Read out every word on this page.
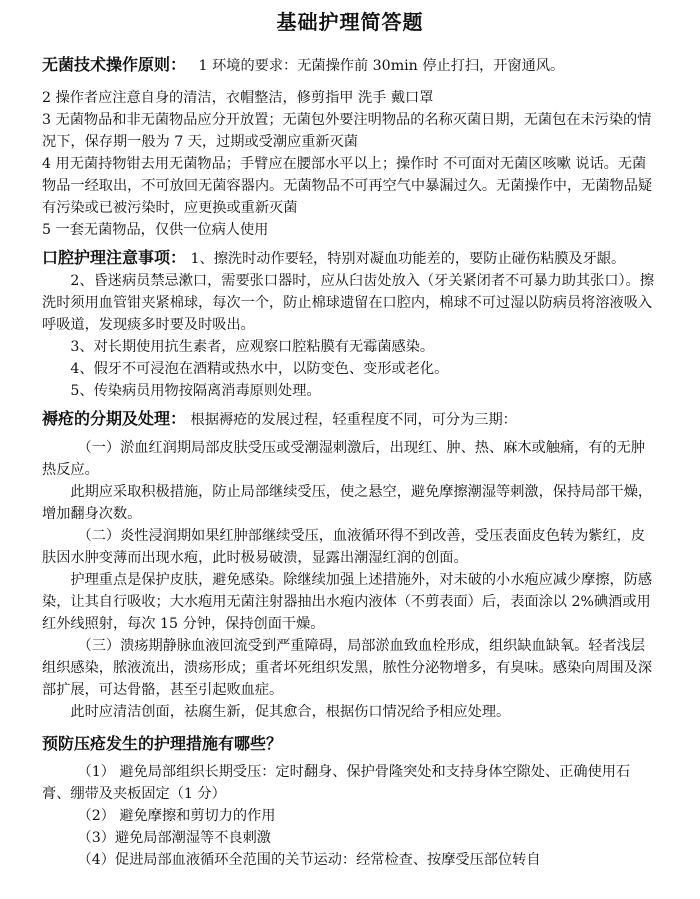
基础护理简答题

无菌技术操作原则： 1 环境的要求：无菌操作前 30min 停止打扫，开窗通风。

2 操作者应注意自身的清洁，衣帽整洁，修剪指甲 洗手 戴口罩

3 无菌物品和非无菌物品应分开放置；无菌包外要注明物品的名称灭菌日期，无菌包在未污染的情况下，保存期一般为 7 天，过期或受潮应重新灭菌

4 用无菌持物钳去用无菌物品；手臂应在腰部水平以上；操作时 不可面对无菌区咳嗽 说话。无菌物品一经取出，不可放回无菌容器内。无菌物品不可再空气中暴漏过久。无菌操作中，无菌物品疑有污染或已被污染时，应更换或重新灭菌

5 一套无菌物品，仅供一位病人使用

口腔护理注意事项： 1、擦洗时动作要轻，特别对凝血功能差的，要防止碰伤粘膜及牙龈。

2、昏迷病员禁忌漱口，需要张口器时，应从臼齿处放入（牙关紧闭者不可暴力助其张口）。擦洗时须用血管钳夹紧棉球，每次一个，防止棉球遗留在口腔内，棉球不可过湿以防病员将溶液吸入呼吸道，发现痰多时要及时吸出。

3、对长期使用抗生素者，应观察口腔粘膜有无霉菌感染。

4、假牙不可浸泡在酒精或热水中，以防变色、变形或老化。

5、传染病员用物按隔离消毒原则处理。

褥疮的分期及处理： 根据褥疮的发展过程，轻重程度不同，可分为三期：

（一）淤血红润期局部皮肤受压或受潮湿刺激后，出现红、肿、热、麻木或触痛，有的无肿热反应。

此期应采取积极措施，防止局部继续受压，使之悬空，避免摩擦潮湿等刺激，保持局部干燥，增加翻身次数。

（二）炎性浸润期如果红肿部继续受压，血液循环得不到改善，受压表面皮色转为紫红，皮肤因水肿变薄而出现水疱，此时极易破溃，显露出潮湿红润的创面。

护理重点是保护皮肤，避免感染。除继续加强上述措施外，对未破的小水疱应减少摩擦，防感染，让其自行吸收；大水疱用无菌注射器抽出水疱内液体（不剪表面）后，表面涂以 2%碘酒或用红外线照射，每次 15 分钟，保持创面干燥。

（三）溃疡期静脉血液回流受到严重障碍，局部淤血致血栓形成，组织缺血缺氧。轻者浅层组织感染，脓液流出，溃疡形成；重者坏死组织发黑，脓性分泌物增多，有臭味。感染向周围及深部扩展，可达骨骼，甚至引起败血症。

此时应清洁创面，祛腐生新，促其愈合，根据伤口情况给予相应处理。

预防压疮发生的护理措施有哪些？

（1） 避免局部组织长期受压：定时翻身、保护骨隆突处和支持身体空隙处、正确使用石膏、绷带及夹板固定（1 分）

（2） 避免摩擦和剪切力的作用

（3）避免局部潮湿等不良刺激

（4）促进局部血液循环全范围的关节运动：经常检查、按摩受压部位转自
